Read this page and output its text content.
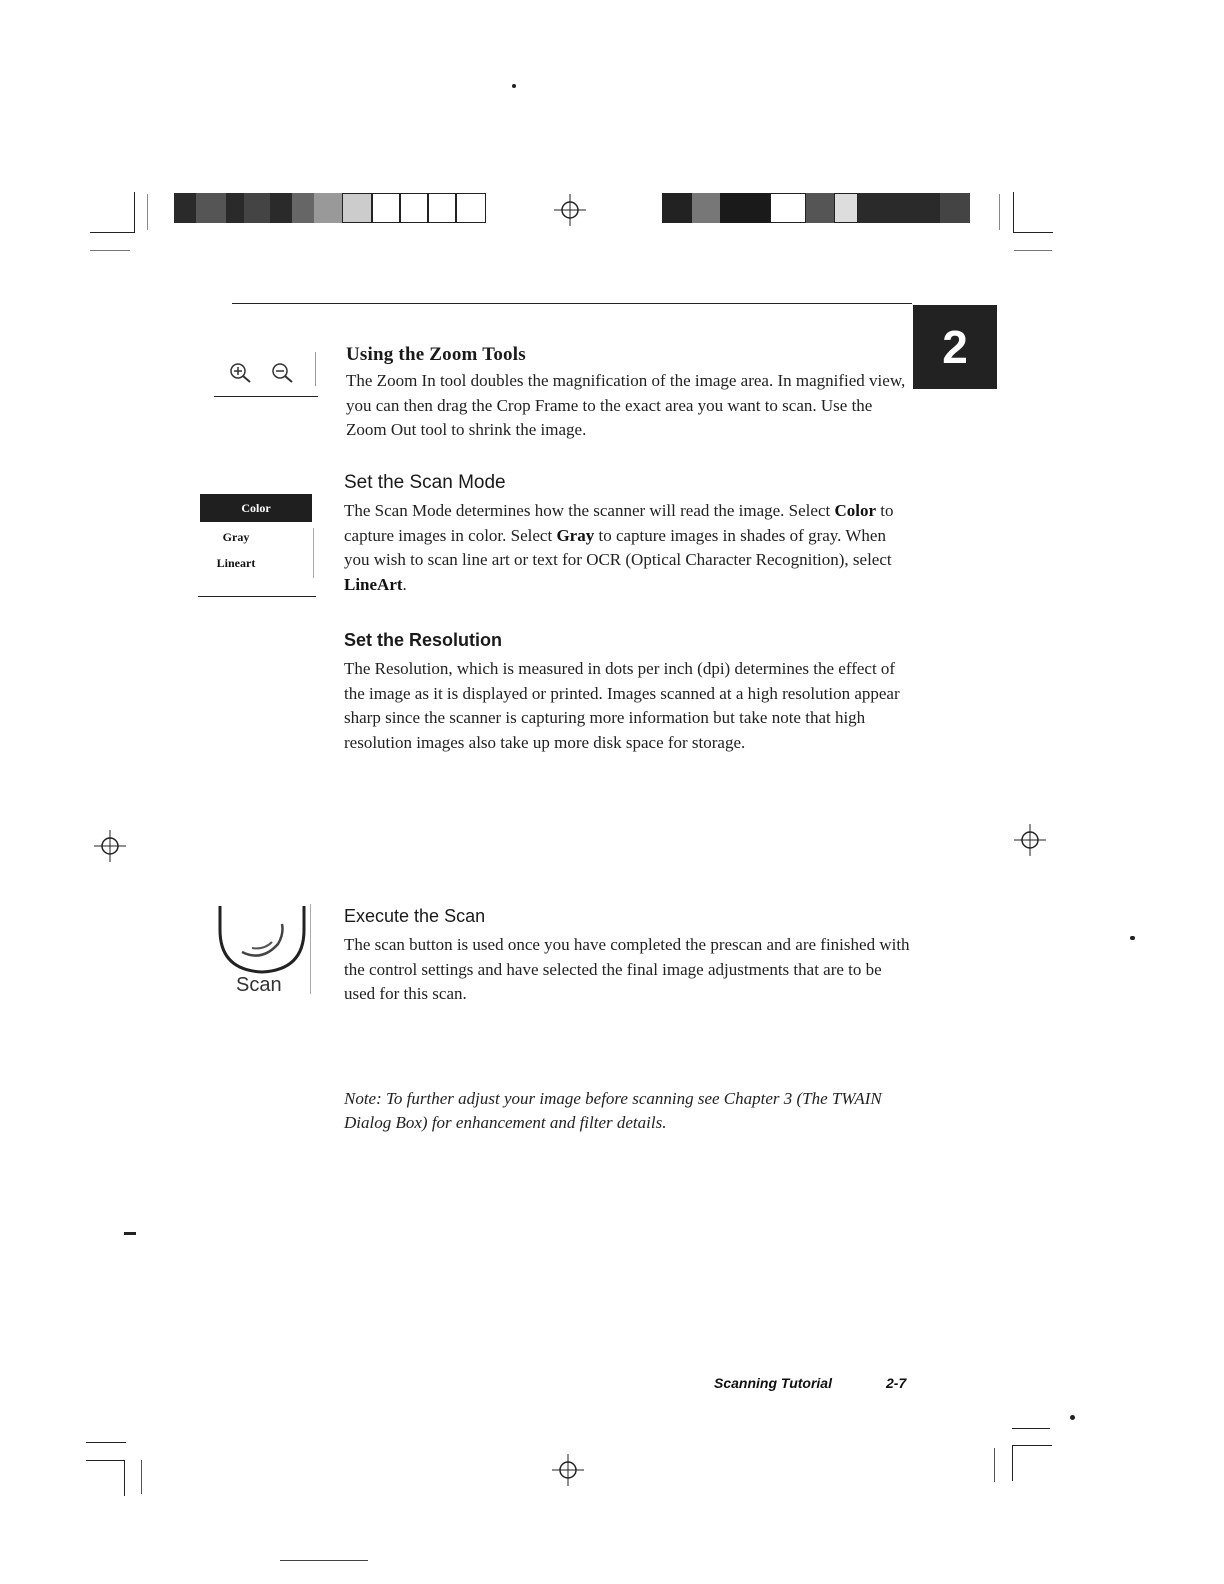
2
Using the Zoom Tools
The Zoom In tool doubles the magnification of the image area. In magnified view, you can then drag the Crop Frame to the exact area you want to scan. Use the Zoom Out tool to shrink the image.
Color
Gray
Lineart
Set the Scan Mode
The Scan Mode determines how the scanner will read the image. Select Color to capture images in color. Select Gray to capture images in shades of gray. When you wish to scan line art or text for OCR (Optical Character Recognition), select LineArt.
Set the Resolution
The Resolution, which is measured in dots per inch (dpi) determines the effect of the image as it is displayed or printed. Images scanned at a high resolution appear sharp since the scanner is capturing more information but take note that high resolution images also take up more disk space for storage.
Scan
Execute the Scan
The scan button is used once you have completed the prescan and are finished with the control settings and have selected the final image adjustments that are to be used for this scan.
Note: To further adjust your image before scanning see Chapter 3 (The TWAIN Dialog Box) for enhancement and filter details.
Scanning Tutorial	2-7
